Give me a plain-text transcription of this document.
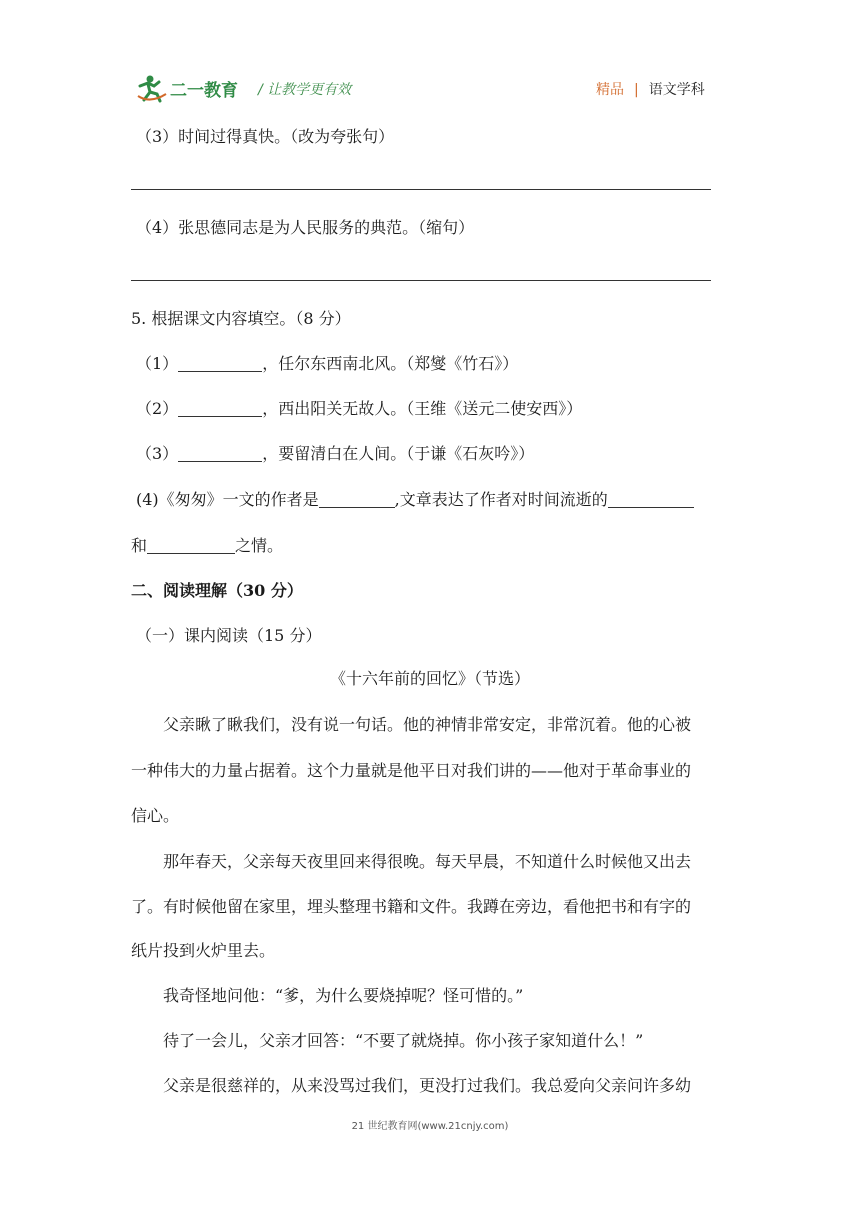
二一教育 / 让教学更有效	精品 | 语文学科
（3）时间过得真快。（改为夸张句）
（4）张思德同志是为人民服务的典范。（缩句）
5. 根据课文内容填空。（8 分）
（1）	，任尔东西南北风。（郑燮《竹石》）
（2）	，西出阳关无故人。（王维《送元二使安西》）
（3）	，要留清白在人间。（于谦《石灰吟》）
(4)《匆匆》一文的作者是	,文章表达了作者对时间流逝的
和	之情。
二、阅读理解（30 分）
（一）课内阅读（15 分）
《十六年前的回忆》（节选）
父亲瞅了瞅我们，没有说一句话。他的神情非常安定，非常沉着。他的心被
一种伟大的力量占据着。这个力量就是他平日对我们讲的——他对于革命事业的
信心。
那年春天，父亲每天夜里回来得很晚。每天早晨，不知道什么时候他又出去
了。有时候他留在家里，埋头整理书籍和文件。我蹲在旁边，看他把书和有字的
纸片投到火炉里去。
我奇怪地问他：“爹，为什么要烧掉呢？怪可惜的。”
待了一会儿，父亲才回答：“不要了就烧掉。你小孩子家知道什么！”
父亲是很慈祥的，从来没骂过我们，更没打过我们。我总爱向父亲问许多幼
21 世纪教育网(www.21cnjy.com)
